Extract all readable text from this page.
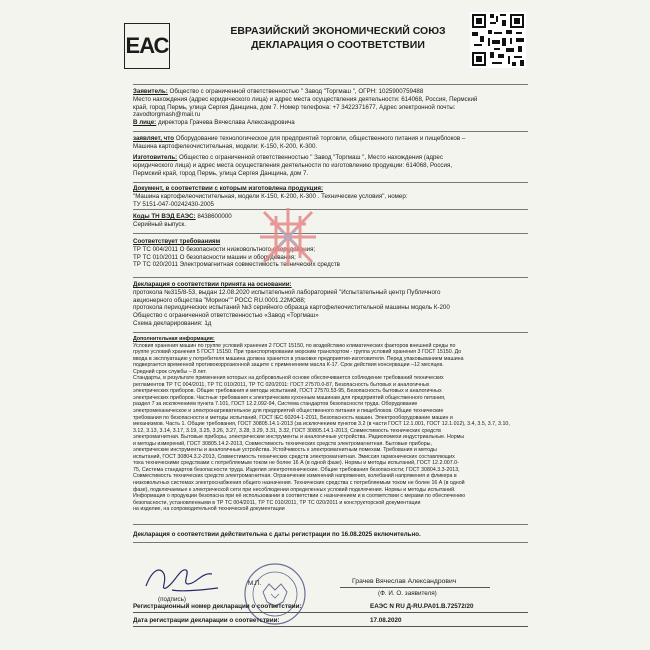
ЕАС
ЕВРАЗИЙСКИЙ ЭКОНОМИЧЕСКИЙ СОЮЗ
ДЕКЛАРАЦИЯ О СООТВЕТСТВИИ
Заявитель: Общество с ограниченной ответственностью " Завод "Торгмаш ", ОГРН: 1025900759488
Место нахождения (адрес юридического лица) и адрес места осуществления деятельности: 614068, Россия, Пермский
край, город Пермь, улица Сергея Данщина, дом 7. Номер телефона: +7 3422371677, Адрес электронной почты:
zavodtorgmash@mail.ru
В лице: директора Грачева Вячеслава Александровича
заявляет, что Оборудование технологическое для предприятий торговли, общественного питания и пищеблоков –
Машина картофелеочистительная, модели: К-150, К-200, К-300.
Изготовитель: Общество с ограниченной ответственностью " Завод "Торгмаш ", Место нахождения (адрес
юридического лица) и адрес места осуществления деятельности по изготовлению продукции: 614068, Россия,
Пермский край, город Пермь, улица Сергея Данщина, дом 7.
Документ, в соответствии с которым изготовлена продукция:
"Машина картофелеочистительная, модели К-150, К-200, К-300 . Технические условия", номер:
ТУ 5151-047-00242430-2005
Коды ТН ВЭД ЕАЭС: 8438600000
Серийный выпуск.
Соответствует требованиям
ТР ТС 004/2011 О безопасности низковольтного оборудования;
ТР ТС 010/2011 О безопасности машин и оборудования;
ТР ТС 020/2011 Электромагнитная совместимость технических средств
Декларация о соответствии принята на основании:
протокола №315/8-53, выдан 12.08.2020 испытательной лабораторией "Испытательный центр Публичного
акционерного общества "Морион"" РОСС RU.0001.22МО88;
протокола периодических испытаний №3 серийного образца картофелеочистительной машины модель К-200
Общество с ограниченной ответственностью «Завод «Торгмаш»
Схема декларирования: 1д
Дополнительная информация:
Условия хранения машин по группе условий хранения 2 ГОСТ 15150, по воздействию климатических факторов внешней среды по
группе условий хранения 5 ГОСТ 15150. При транспортировании морским транспортом - группа условий хранения 3 ГОСТ 15150. До
ввода в эксплуатацию у потребителя машина должна хранится в упаковке предприятия-изготовителя. Перед упаковыванием машина
подвергается временной противокоррозионной защите с применением масла К-17. Срок действия консервации –12 месяцев.
Средний срок службы – 8 лет.
Стандарты, в результате применения которых на добровольной основе обеспечивается соблюдение требований технических
регламентов ТР ТС 004/2011, ТР ТС 010/2011, ТР ТС 020/2011: ГОСТ 27570.0-87, Безопасность бытовых и аналогичных
электрических приборов. Общие требования и методы испытаний, ГОСТ 27570.53-95, Безопасность бытовых и аналогичных
электрических приборов. Частные требования к электрическим кухонным машинам для предприятий общественного питания,
раздел 7 за исключением пункта 7.101, ГОСТ 12.2.092-94, Система стандартов безопасности труда. Оборудование
электромеханическое и электронагревательное для предприятий общественного питания и пищеблоков. Общие технические
требования по безопасности и методы испытаний, ГОСТ IEC 60204-1-2011, Безопасность машин. Электрооборудование машин и
механизмов. Часть 1. Общие требования, ГОСТ 30805.14.1-2013 (за исключением пунктов 3.2 (в части ГОСТ 12.1.001, ГОСТ 12.1.012), 3.4, 3.5, 3.7, 3.10,
3.12, 3.13, 3.14, 3.17, 3.19, 3.25, 3.26, 3.27, 3.28, 3.29, 3.31, 3.32, ГОСТ 30805.14.1-2013, Совместимость технических средств
электромагнитная. Бытовые приборы, электрические инструменты и аналогичные устройства. Радиопомехи индустриальные. Нормы
и методы измерений, ГОСТ 30805.14.2-2013, Совместимость технических средств электромагнитная. Бытовые приборы,
электрические инструменты и аналогичные устройства. Устойчивость к электромагнитным помехам. Требования и методы
испытаний, ГОСТ 30804.3.2-2013, Совместимость технических средств электромагнитная. Эмиссия гармонических составляющих
тока техническими средствами с потребляемым током не более 16 А (в одной фазе). Нормы и методы испытаний, ГОСТ 12.2.007.0-
75, Система стандартов безопасности труда. Изделия электротехнические. Общие требования безопасности; ГОСТ 30804.3.3-2013,
Совместимость технических средств электромагнитная. Ограничение изменений напряжения, колебаний напряжения и фликера в
низковольтных системах электроснабжения общего назначения. Технические средства с потребляемым током не более 16 А (в одной
фазе), подключаемые к электрической сети при несоблюдении определенных условий подключения. Нормы и методы испытаний.
Информация о продукции безопасна при её использовании в соответствии с назначением и в соответствии с мерами по обеспечению
безопасности, установленными в ТР ТС 004/2011, ТР ТС 010/2011, ТР ТС 020/2011 и конструкторской документации
на изделие, на сопроводительной технической документации
Декларация о соответствии действительна с даты регистрации по 16.08.2025 включительно.
(подпись)
М.П.	Грачев Вячеслав Александрович
(Ф. И. О. заявителя)
Регистрационный номер декларации о соответствии:	ЕАЭС N RU Д-RU.PA01.B.72572/20
Дата регистрации декларации о соответствии:	17.08.2020
